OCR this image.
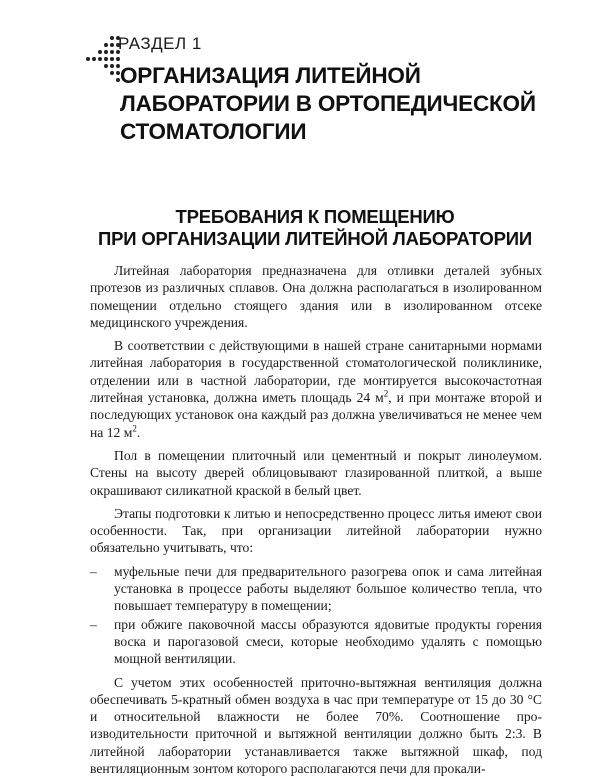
РАЗДЕЛ 1
ОРГАНИЗАЦИЯ ЛИТЕЙНОЙ
ЛАБОРАТОРИИ В ОРТОПЕДИЧЕСКОЙ
СТОМАТОЛОГИИ
ТРЕБОВАНИЯ К ПОМЕЩЕНИЮ
ПРИ ОРГАНИЗАЦИИ ЛИТЕЙНОЙ ЛАБОРАТОРИИ

Литейная лаборатория предназначена для отливки деталей зубных протезов из различных сплавов. Она должна располагаться в изолированном помещении отдельно стоящего здания или в изолированном отсеке медицинского учреждения.

В соответствии с действующими в нашей стране санитарными нормами литейная лаборатория в государственной стоматологической поликлинике, отделении или в частной лаборатории, где монтируется высокочастотная литейная установка, должна иметь площадь 24 $м^2$, и при монтаже второй и последующих установок она каждый раз должна увеличиваться не менее чем на 12 $м^2$.

Пол в помещении плиточный или цементный и покрыт линолеумом. Стены на высоту дверей облицовывают глазированной плиткой, а выше окрашивают силикатной краской в белый цвет.

Этапы подготовки к литью и непосредственно процесс литья имеют свои особенности. Так, при организации литейной лаборатории нужно обязательно учитывать, что:

– муфельные печи для предварительного разогрева опок и сама литейная установка в процессе работы выделяют большое количество тепла, что повышает температуру в помещении;
– при обжиге паковочной массы образуются ядовитые продукты горения воска и парогазовой смеси, которые необходимо удалять с помощью мощной вентиляции.

С учетом этих особенностей приточно-вытяжная вентиляция должна обеспечивать 5-кратный обмен воздуха в час при температуре от 15 до 30 °С и относительной влажности не более 70%. Соотношение производительности приточной и вытяжной вентиляции должно быть 2:3. В литейной лаборатории устанавливается также вытяжной шкаф, под вентиляционным зонтом которого располагаются печи для прокали-
